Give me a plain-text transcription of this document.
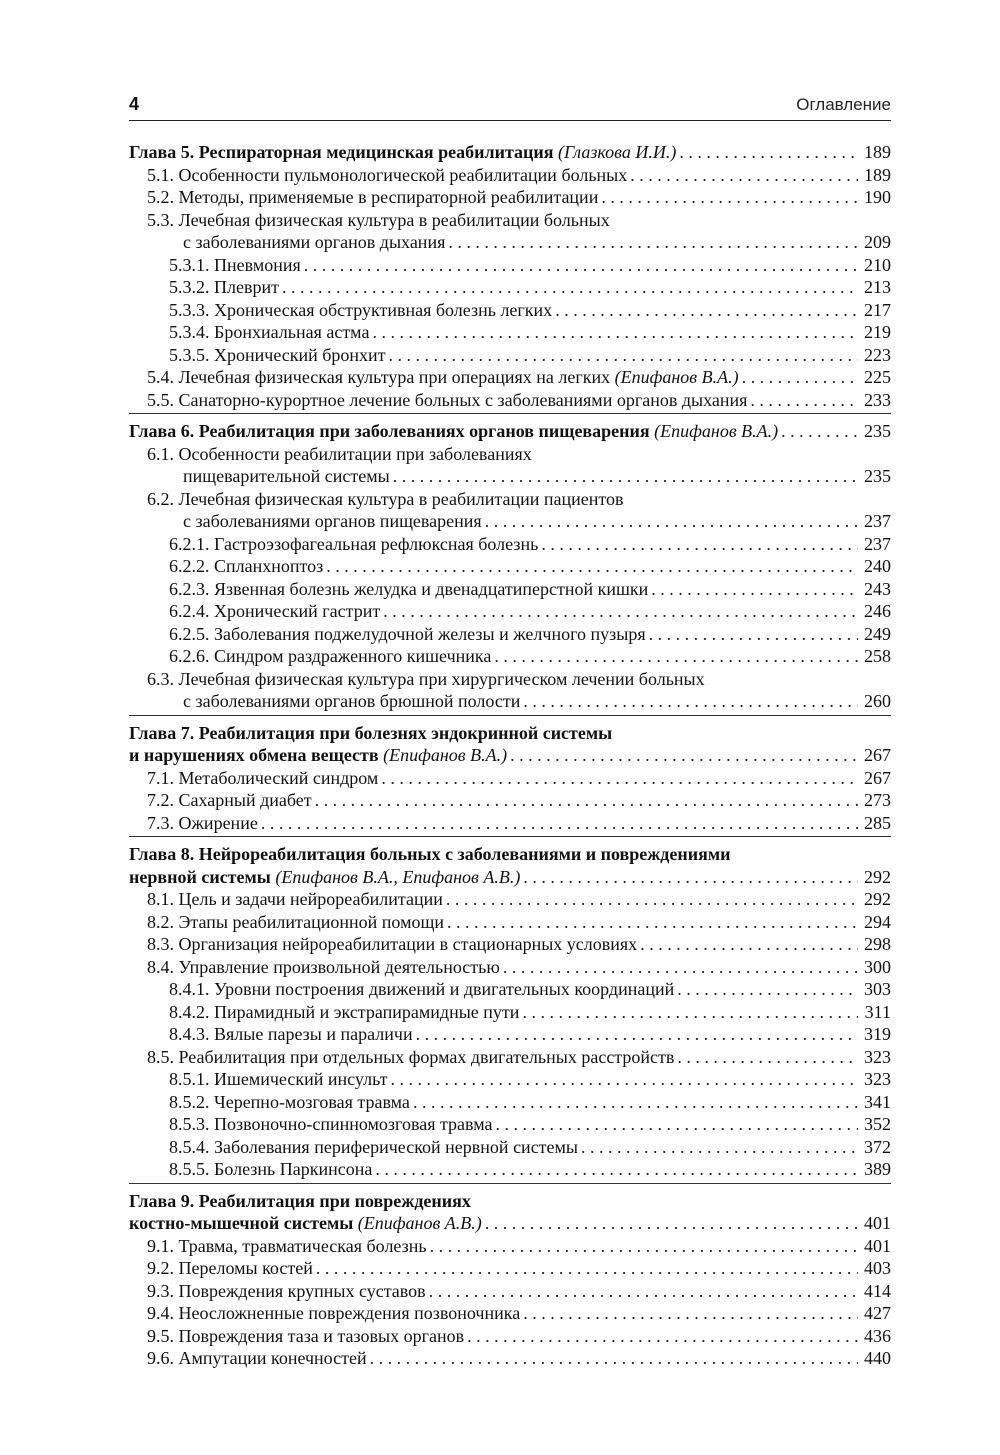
4	Оглавление
Глава 5. Респираторная медицинская реабилитация (Глазкова И.И.) . . .	189
5.1. Особенности пульмонологической реабилитации больных . . .	189
5.2. Методы, применяемые в респираторной реабилитации . . .	190
5.3. Лечебная физическая культура в реабилитации больных
с заболеваниями органов дыхания . . .	209
5.3.1. Пневмония . . .	210
5.3.2. Плеврит . . .	213
5.3.3. Хроническая обструктивная болезнь легких . . .	217
5.3.4. Бронхиальная астма . . .	219
5.3.5. Хронический бронхит . . .	223
5.4. Лечебная физическая культура при операциях на легких (Епифанов В.А.) . . .	225
5.5. Санаторно-курортное лечение больных с заболеваниями органов дыхания . . .	233
Глава 6. Реабилитация при заболеваниях органов пищеварения (Епифанов В.А.) . . .	235
6.1. Особенности реабилитации при заболеваниях
пищеварительной системы . . .	235
6.2. Лечебная физическая культура в реабилитации пациентов
с заболеваниями органов пищеварения . . .	237
6.2.1. Гастроэзофагеальная рефлюксная болезнь . . .	237
6.2.2. Спланхноптоз . . .	240
6.2.3. Язвенная болезнь желудка и двенадцатиперстной кишки . . .	243
6.2.4. Хронический гастрит . . .	246
6.2.5. Заболевания поджелудочной железы и желчного пузыря . . .	249
6.2.6. Синдром раздраженного кишечника . . .	258
6.3. Лечебная физическая культура при хирургическом лечении больных
с заболеваниями органов брюшной полости . . .	260
Глава 7. Реабилитация при болезнях эндокринной системы
и нарушениях обмена веществ (Епифанов В.А.) . . .	267
7.1. Метаболический синдром . . .	267
7.2. Сахарный диабет . . .	273
7.3. Ожирение . . .	285
Глава 8. Нейрореабилитация больных с заболеваниями и повреждениями
нервной системы (Епифанов В.А., Епифанов А.В.) . . .	292
8.1. Цель и задачи нейрореабилитации . . .	292
8.2. Этапы реабилитационной помощи . . .	294
8.3. Организация нейрореабилитации в стационарных условиях . . .	298
8.4. Управление произвольной деятельностью . . .	300
8.4.1. Уровни построения движений и двигательных координаций . . .	303
8.4.2. Пирамидный и экстрапирамидные пути . . .	311
8.4.3. Вялые парезы и параличи . . .	319
8.5. Реабилитация при отдельных формах двигательных расстройств . . .	323
8.5.1. Ишемический инсульт . . .	323
8.5.2. Черепно-мозговая травма . . .	341
8.5.3. Позвоночно-спинномозговая травма . . .	352
8.5.4. Заболевания периферической нервной системы . . .	372
8.5.5. Болезнь Паркинсона . . .	389
Глава 9. Реабилитация при повреждениях
костно-мышечной системы (Епифанов А.В.) . . .	401
9.1. Травма, травматическая болезнь . . .	401
9.2. Переломы костей . . .	403
9.3. Повреждения крупных суставов . . .	414
9.4. Неосложненные повреждения позвоночника . . .	427
9.5. Повреждения таза и тазовых органов . . .	436
9.6. Ампутации конечностей . . .	440
